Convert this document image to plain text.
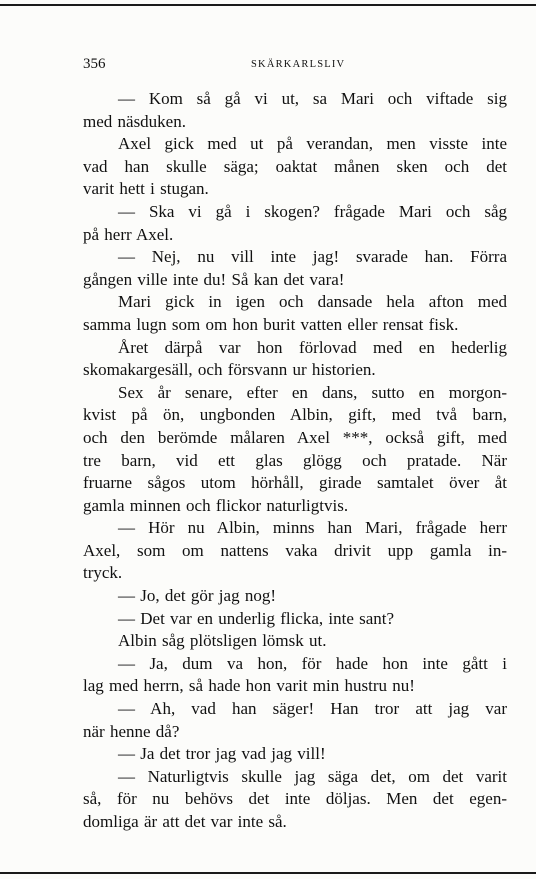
356	SKÄRKARLSLIV
— Kom så gå vi ut, sa Mari och viftade sig
med näsduken.
Axel gick med ut på verandan, men visste inte
vad han skulle säga; oaktat månen sken och det
varit hett i stugan.
— Ska vi gå i skogen? frågade Mari och såg
på herr Axel.
— Nej, nu vill inte jag! svarade han. Förra
gången ville inte du! Så kan det vara!
Mari gick in igen och dansade hela afton med
samma lugn som om hon burit vatten eller rensat fisk.
Året därpå var hon förlovad med en hederlig
skomakargesäll, och försvann ur historien.
Sex år senare, efter en dans, sutto en morgon-
kvist på ön, ungbonden Albin, gift, med två barn,
och den berömde målaren Axel ***, också gift, med
tre barn, vid ett glas glögg och pratade. När
fruarne sågos utom hörhåll, girade samtalet över åt
gamla minnen och flickor naturligtvis.
— Hör nu Albin, minns han Mari, frågade herr
Axel, som om nattens vaka drivit upp gamla in-
tryck.
— Jo, det gör jag nog!
— Det var en underlig flicka, inte sant?
Albin såg plötsligen lömsk ut.
— Ja, dum va hon, för hade hon inte gått i
lag med herrn, så hade hon varit min hustru nu!
— Ah, vad han säger! Han tror att jag var
när henne då?
— Ja det tror jag vad jag vill!
— Naturligtvis skulle jag säga det, om det varit
så, för nu behövs det inte döljas. Men det egen-
domliga är att det var inte så.
